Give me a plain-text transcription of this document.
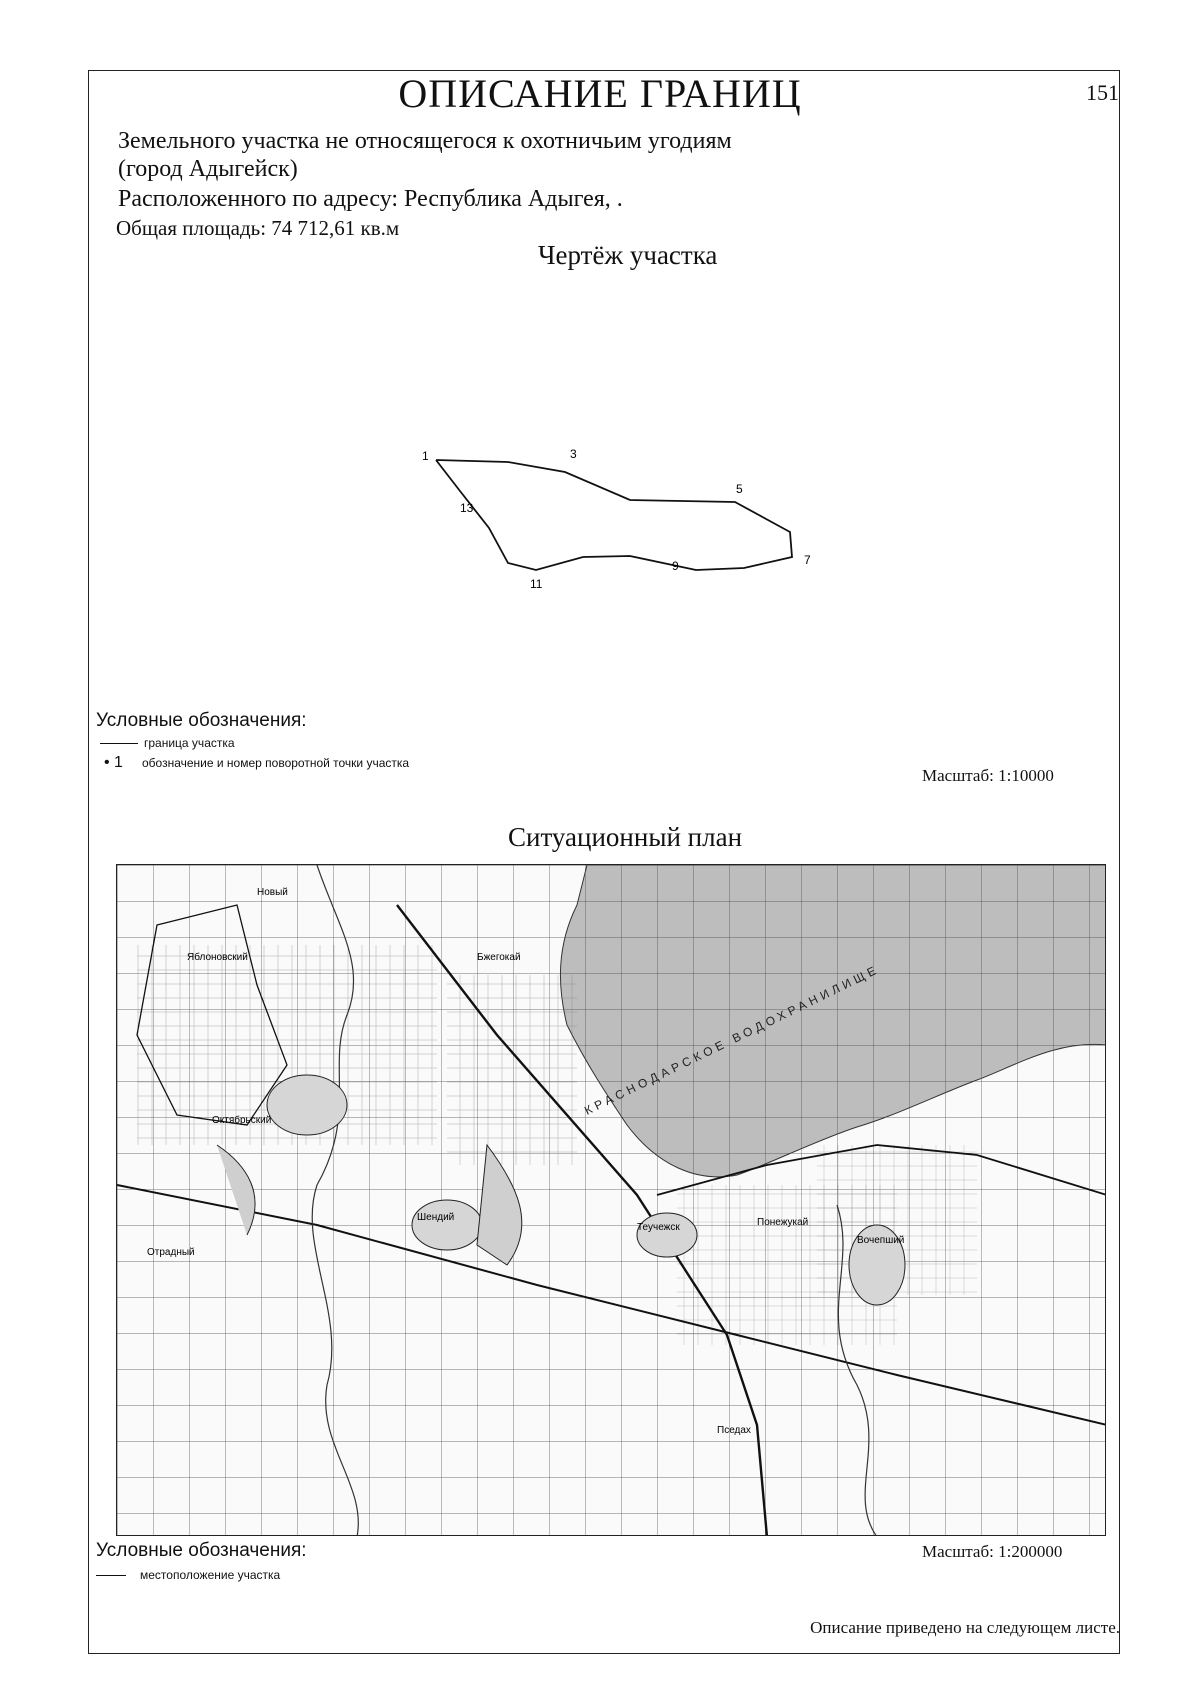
ОПИСАНИЕ ГРАНИЦ	151
Земельного участка не относящегося к охотничьим угодиям
(город Адыгейск)
Расположенного по адресу: Республика Адыгея, .
Общая площадь: 74 712,61 кв.м
Чертёж участка
1	3
5
7
9
11
13
Условные обозначения:
граница участка
• 1	обозначение и номер поворотной точки участка
Масштаб: 1:10000
Ситуационный план
Новый
Яблоновский
Октябрьский
Шендий
Теучежск
Бжегокай
Понежукай
Пседах
Вочепший
Отрадный
КРАСНОДАРСКОЕ ВОДОХРАНИЛИЩЕ
Условные обозначения:	Масштаб: 1:200000
местоположение участка
Описание приведено на следующем листе.
